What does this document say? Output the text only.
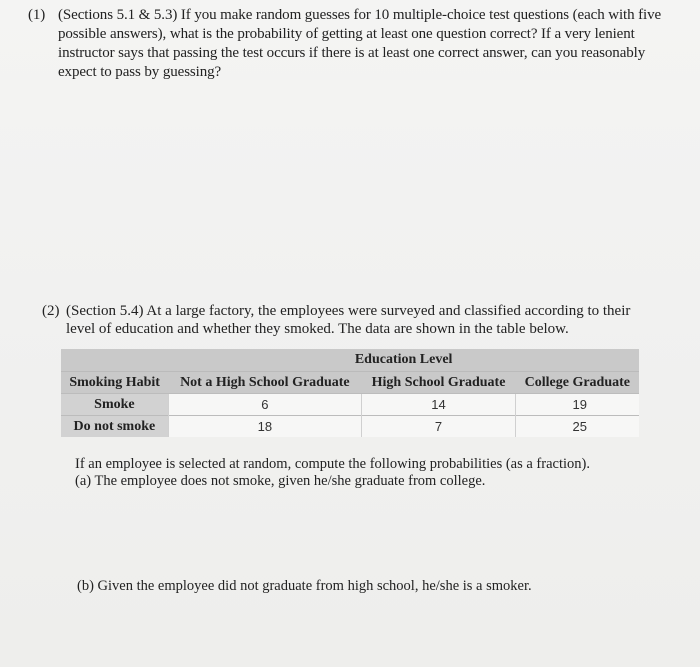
(1) (Sections 5.1 & 5.3) If you make random guesses for 10 multiple-choice test questions (each with five possible answers), what is the probability of getting at least one question correct? If a very lenient instructor says that passing the test occurs if there is at least one correct answer, can you reasonably expect to pass by guessing?
(2) (Section 5.4) At a large factory, the employees were surveyed and classified according to their level of education and whether they smoked. The data are shown in the table below.
	Education Level		
Smoking Habit	Not a High School Graduate	High School Graduate	College Graduate
Smoke	6	14	19
Do not smoke	18	7	25
If an employee is selected at random, compute the following probabilities (as a fraction).
(a) The employee does not smoke, given he/she graduate from college.
(b) Given the employee did not graduate from high school, he/she is a smoker.
